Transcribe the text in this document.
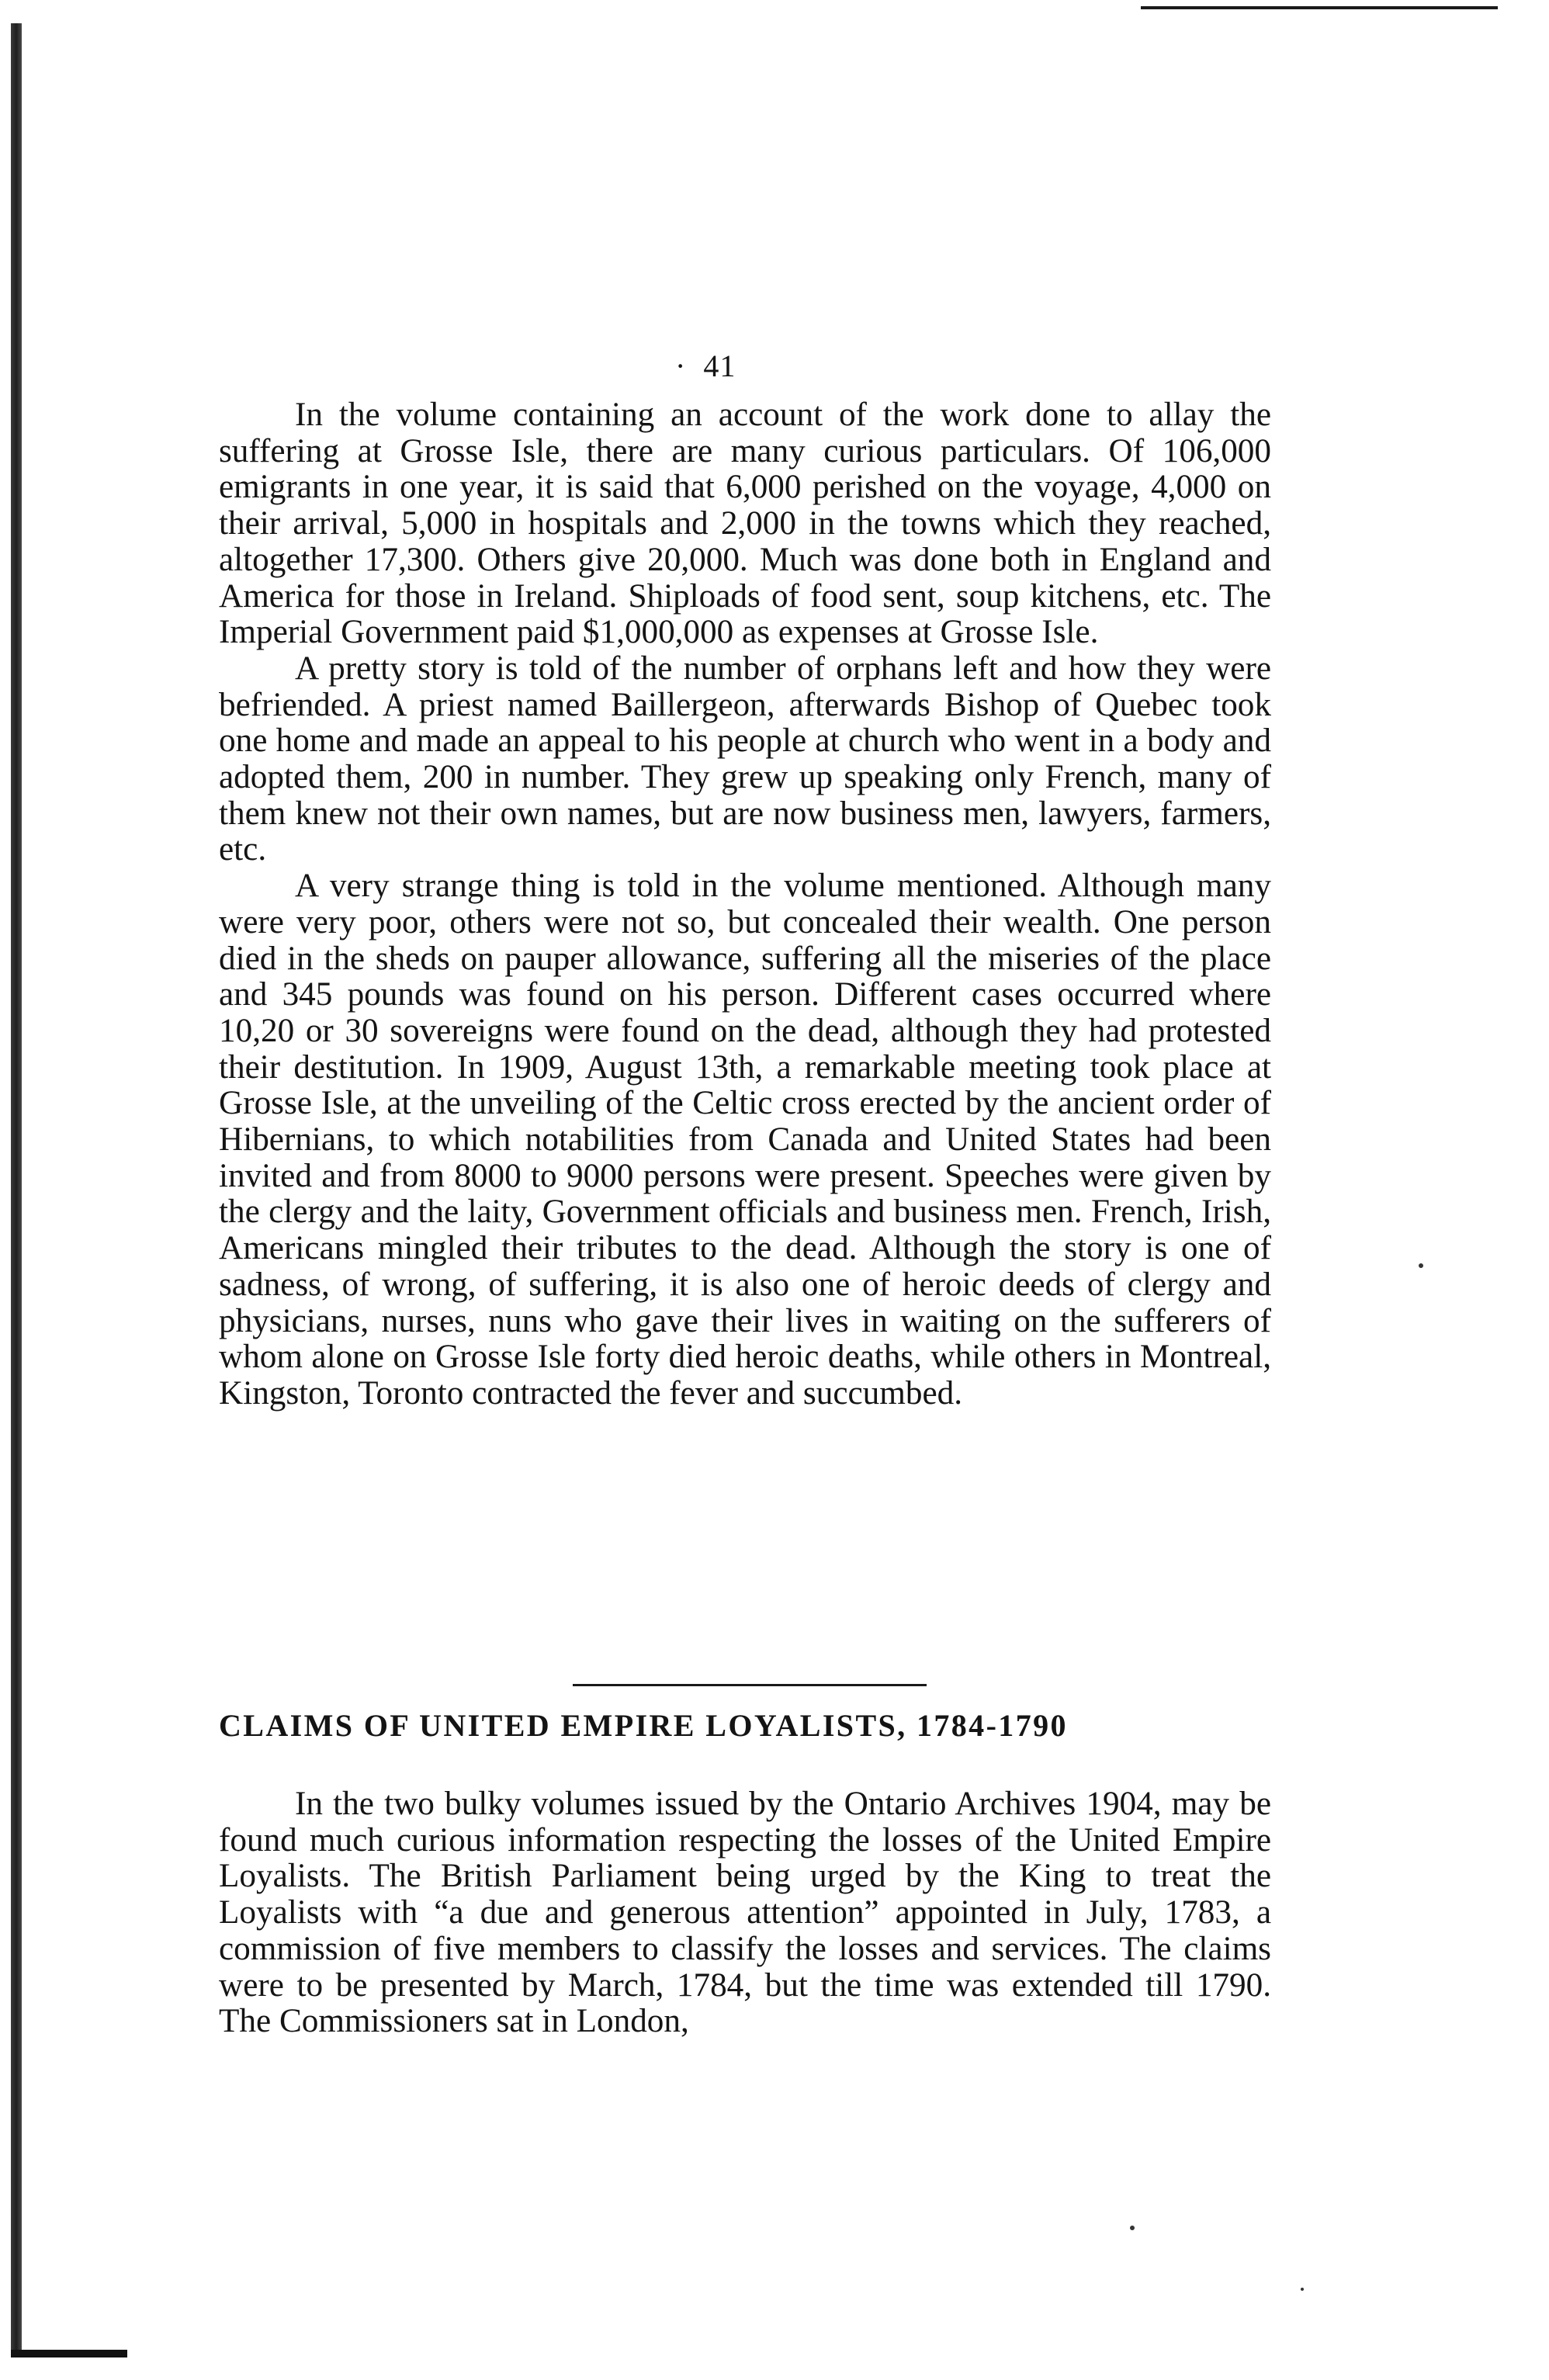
· 41

In the volume containing an account of the work done to allay the suffering at Grosse Isle, there are many curious particulars. Of 106,000 emigrants in one year, it is said that 6,000 perished on the voyage, 4,000 on their arrival, 5,000 in hospitals and 2,000 in the towns which they reached, altogether 17,300. Others give 20,000. Much was done both in England and America for those in Ireland. Shiploads of food sent, soup kitchens, etc. The Imperial Government paid $1,000,000 as expenses at Grosse Isle.

A pretty story is told of the number of orphans left and how they were befriended. A priest named Baillergeon, afterwards Bishop of Quebec took one home and made an appeal to his people at church who went in a body and adopted them, 200 in number. They grew up speaking only French, many of them knew not their own names, but are now business men, lawyers, farmers, etc.

A very strange thing is told in the volume mentioned. Although many were very poor, others were not so, but concealed their wealth. One person died in the sheds on pauper allowance, suffering all the miseries of the place and 345 pounds was found on his person. Different cases occurred where 10,20 or 30 sovereigns were found on the dead, although they had protested their destitution. In 1909, August 13th, a remarkable meeting took place at Grosse Isle, at the unveiling of the Celtic cross erected by the ancient order of Hibernians, to which notabilities from Canada and United States had been invited and from 8000 to 9000 persons were present. Speeches were given by the clergy and the laity, Government officials and business men. French, Irish, Americans mingled their tributes to the dead. Although the story is one of sadness, of wrong, of suffering, it is also one of heroic deeds of clergy and physicians, nurses, nuns who gave their lives in waiting on the sufferers of whom alone on Grosse Isle forty died heroic deaths, while others in Montreal, Kingston, Toronto contracted the fever and succumbed.

CLAIMS OF UNITED EMPIRE LOYALISTS, 1784-1790

In the two bulky volumes issued by the Ontario Archives 1904, may be found much curious information respecting the losses of the United Empire Loyalists. The British Parliament being urged by the King to treat the Loyalists with “a due and generous attention” appointed in July, 1783, a commission of five members to classify the losses and services. The claims were to be presented by March, 1784, but the time was extended till 1790. The Commissioners sat in London,
